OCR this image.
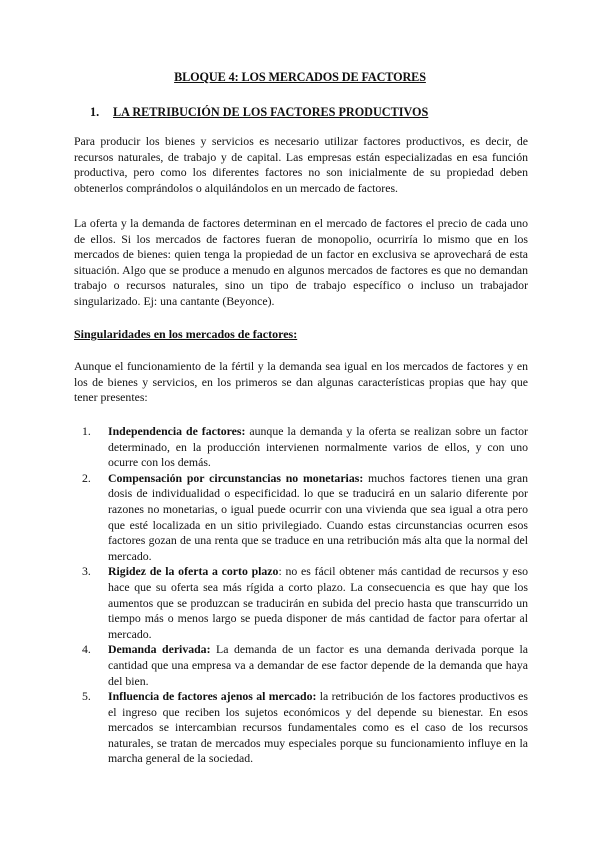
BLOQUE 4: LOS MERCADOS DE FACTORES
1. LA RETRIBUCIÓN DE LOS FACTORES PRODUCTIVOS

Para producir los bienes y servicios es necesario utilizar factores productivos, es decir, de recursos naturales, de trabajo y de capital. Las empresas están especializadas en esa función productiva, pero como los diferentes factores no son inicialmente de su propiedad deben obtenerlos comprándolos o alquilándolos en un mercado de factores.

La oferta y la demanda de factores determinan en el mercado de factores el precio de cada uno de ellos. Si los mercados de factores fueran de monopolio, ocurriría lo mismo que en los mercados de bienes: quien tenga la propiedad de un factor en exclusiva se aprovechará de esta situación. Algo que se produce a menudo en algunos mercados de factores es que no demandan trabajo o recursos naturales, sino un tipo de trabajo específico o incluso un trabajador singularizado. Ej: una cantante (Beyonce).

Singularidades en los mercados de factores:

Aunque el funcionamiento de la fértil y la demanda sea igual en los mercados de factores y en los de bienes y servicios, en los primeros se dan algunas características propias que hay que tener presentes:

1. Independencia de factores: aunque la demanda y la oferta se realizan sobre un factor determinado, en la producción intervienen normalmente varios de ellos, y con uno ocurre con los demás.
2. Compensación por circunstancias no monetarias: muchos factores tienen una gran dosis de individualidad o especificidad. lo que se traducirá en un salario diferente por razones no monetarias, o igual puede ocurrir con una vivienda que sea igual a otra pero que esté localizada en un sitio privilegiado. Cuando estas circunstancias ocurren esos factores gozan de una renta que se traduce en una retribución más alta que la normal del mercado.
3. Rigidez de la oferta a corto plazo: no es fácil obtener más cantidad de recursos y eso hace que su oferta sea más rígida a corto plazo. La consecuencia es que hay que los aumentos que se produzcan se traducirán en subida del precio hasta que transcurrido un tiempo más o menos largo se pueda disponer de más cantidad de factor para ofertar al mercado.
4. Demanda derivada: La demanda de un factor es una demanda derivada porque la cantidad que una empresa va a demandar de ese factor depende de la demanda que haya del bien.
5. Influencia de factores ajenos al mercado: la retribución de los factores productivos es el ingreso que reciben los sujetos económicos y del depende su bienestar. En esos mercados se intercambian recursos fundamentales como es el caso de los recursos naturales, se tratan de mercados muy especiales porque su funcionamiento influye en la marcha general de la sociedad.
